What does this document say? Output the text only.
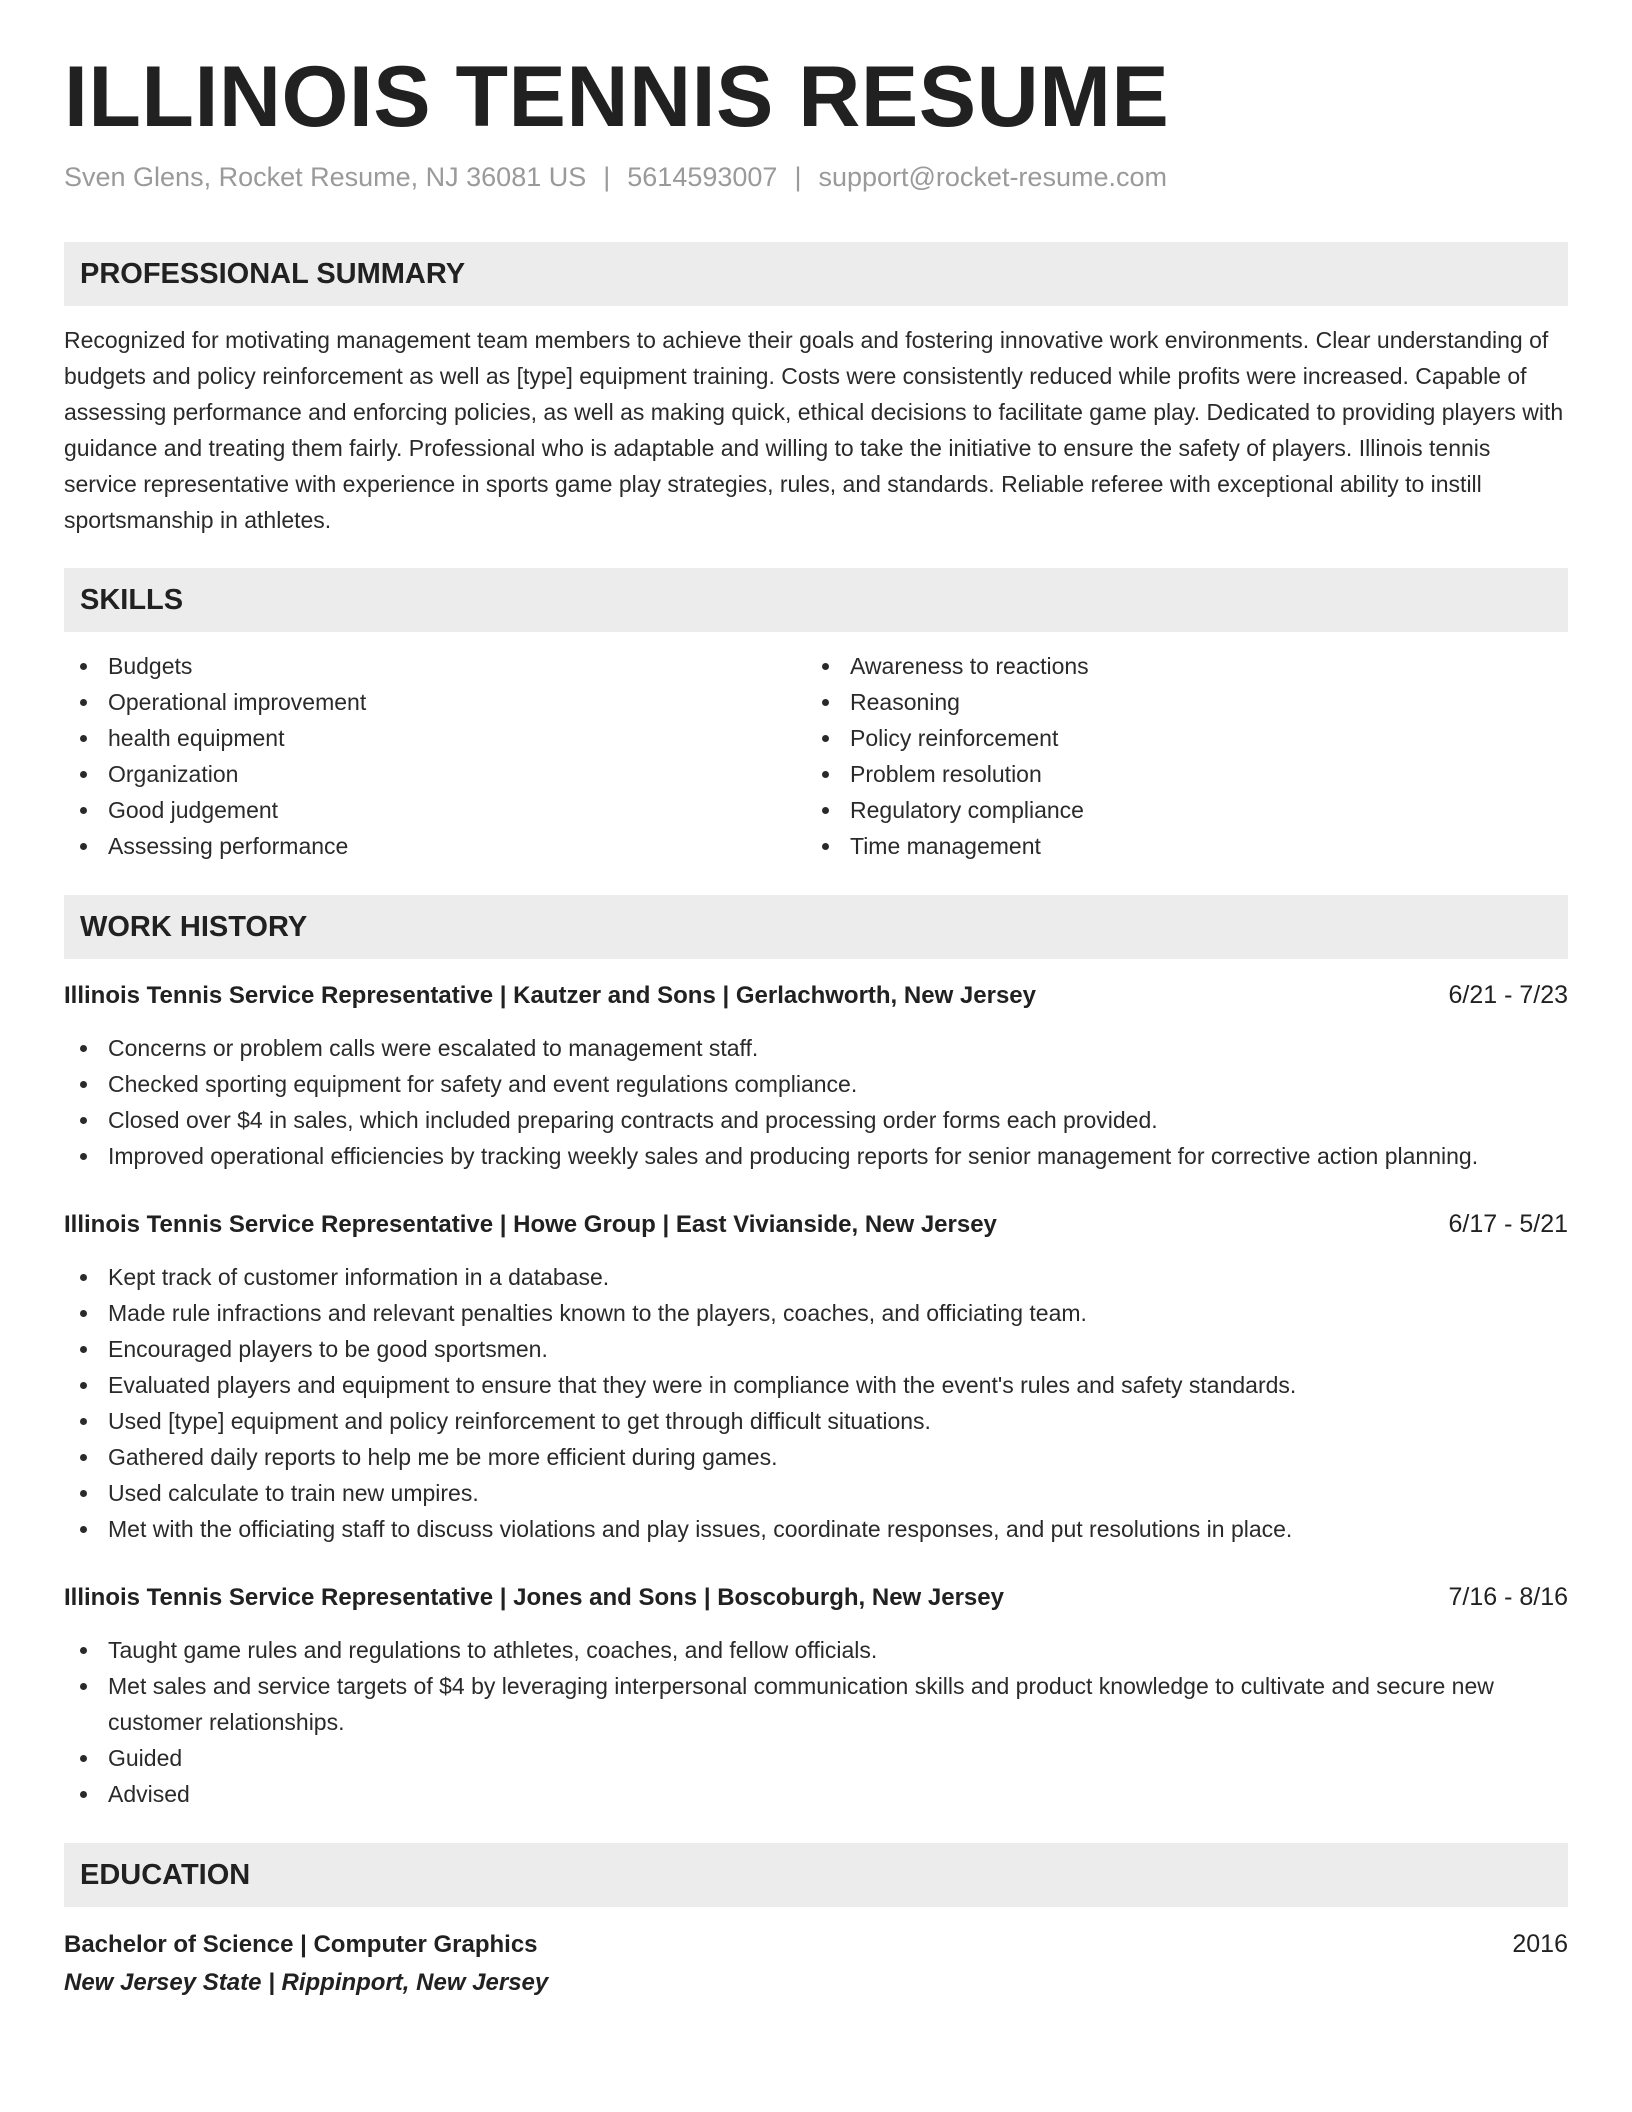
ILLINOIS TENNIS RESUME
Sven Glens, Rocket Resume, NJ 36081 US | 5614593007 | support@rocket-resume.com
PROFESSIONAL SUMMARY

Recognized for motivating management team members to achieve their goals and fostering innovative work environments. Clear understanding of budgets and policy reinforcement as well as [type] equipment training. Costs were consistently reduced while profits were increased. Capable of assessing performance and enforcing policies, as well as making quick, ethical decisions to facilitate game play. Dedicated to providing players with guidance and treating them fairly. Professional who is adaptable and willing to take the initiative to ensure the safety of players. Illinois tennis service representative with experience in sports game play strategies, rules, and standards. Reliable referee with exceptional ability to instill sportsmanship in athletes.

SKILLS
Budgets
Operational improvement
health equipment
Organization
Good judgement
Assessing performance
Awareness to reactions
Reasoning
Policy reinforcement
Problem resolution
Regulatory compliance
Time management
WORK HISTORY
Illinois Tennis Service Representative | Kautzer and Sons | Gerlachworth, New Jersey	6/21 - 7/23
Concerns or problem calls were escalated to management staff.
Checked sporting equipment for safety and event regulations compliance.
Closed over $4 in sales, which included preparing contracts and processing order forms each provided.
Improved operational efficiencies by tracking weekly sales and producing reports for senior management for corrective action planning.
Illinois Tennis Service Representative | Howe Group | East Vivianside, New Jersey	6/17 - 5/21
Kept track of customer information in a database.
Made rule infractions and relevant penalties known to the players, coaches, and officiating team.
Encouraged players to be good sportsmen.
Evaluated players and equipment to ensure that they were in compliance with the event's rules and safety standards.
Used [type] equipment and policy reinforcement to get through difficult situations.
Gathered daily reports to help me be more efficient during games.
Used calculate to train new umpires.
Met with the officiating staff to discuss violations and play issues, coordinate responses, and put resolutions in place.
Illinois Tennis Service Representative | Jones and Sons | Boscoburgh, New Jersey	7/16 - 8/16
Taught game rules and regulations to athletes, coaches, and fellow officials.
Met sales and service targets of $4 by leveraging interpersonal communication skills and product knowledge to cultivate and secure new customer relationships.
Guided
Advised
EDUCATION
Bachelor of Science | Computer Graphics	2016
New Jersey State | Rippinport, New Jersey
